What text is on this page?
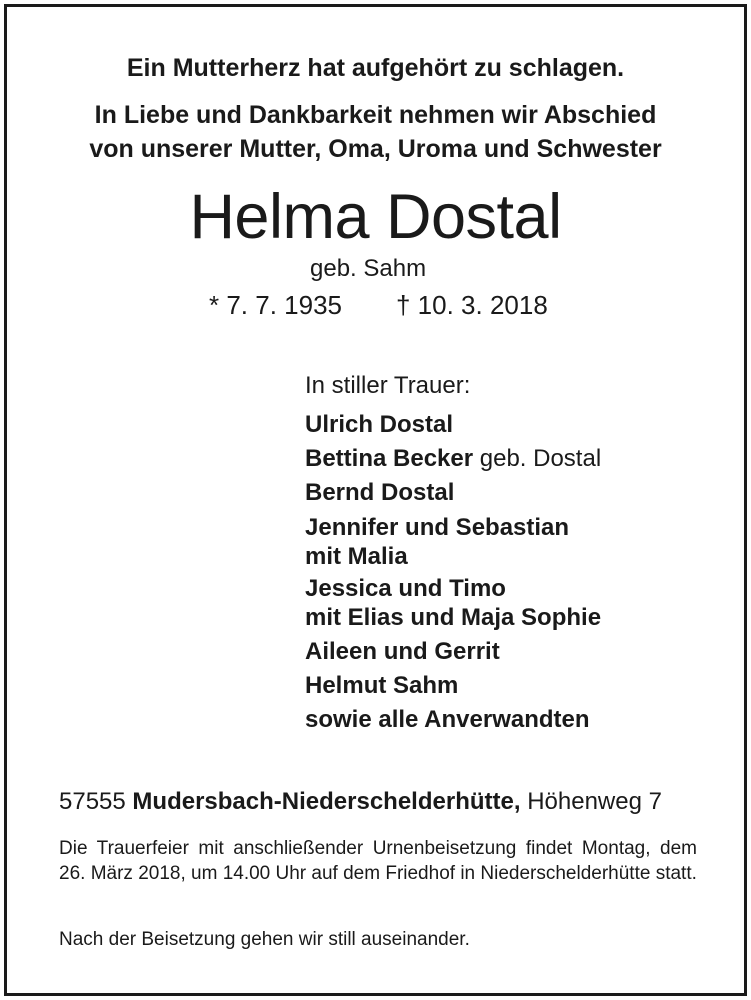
Ein Mutterherz hat aufgehört zu schlagen.
In Liebe und Dankbarkeit nehmen wir Abschied
von unserer Mutter, Oma, Uroma und Schwester
Helma Dostal
geb. Sahm
* 7. 7. 1935 † 10. 3. 2018
In stiller Trauer:
Ulrich Dostal
Bettina Becker geb. Dostal
Bernd Dostal
Jennifer und Sebastian
mit Malia
Jessica und Timo
mit Elias und Maja Sophie
Aileen und Gerrit
Helmut Sahm
sowie alle Anverwandten
57555 Mudersbach-Niederschelderhütte, Höhenweg 7
Die Trauerfeier mit anschließender Urnenbeisetzung findet Montag, dem 26. März 2018, um 14.00 Uhr auf dem Friedhof in Niederschelderhütte statt.
Nach der Beisetzung gehen wir still auseinander.
